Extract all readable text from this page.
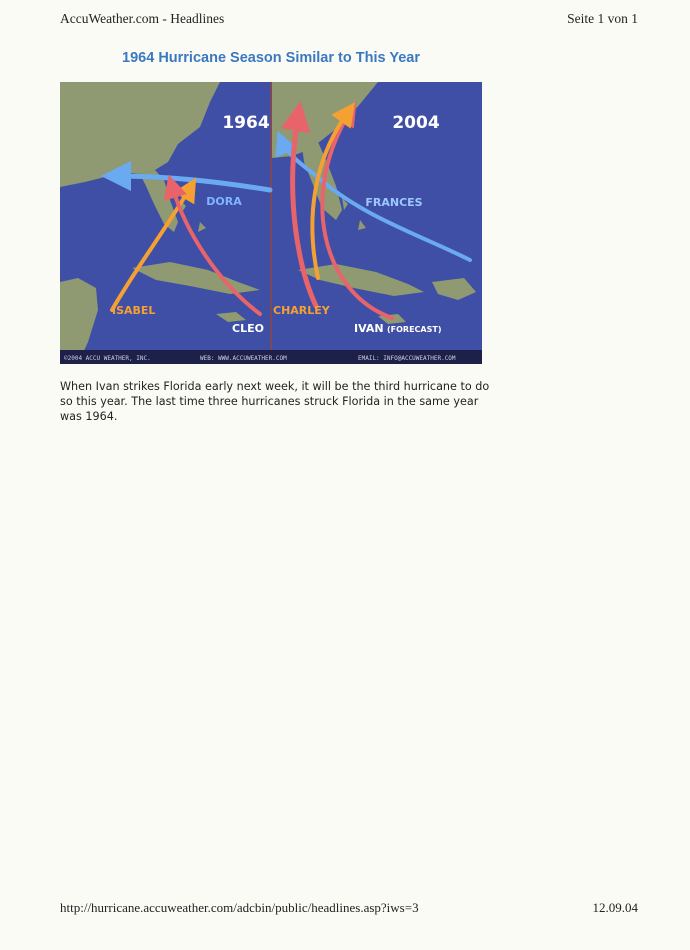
AccuWeather.com - Headlines	Seite 1 von 1
1964 Hurricane Season Similar to This Year
1964	2004
DORA
ISABEL
CLEO
FRANCES
CHARLEY
IVAN (FORECAST)
©2004 ACCU WEATHER, INC.	WEB: WWW.ACCUWEATHER.COM	EMAIL: INFO@ACCUWEATHER.COM
When Ivan strikes Florida early next week, it will be the third hurricane to do so this year. The last time three hurricanes struck Florida in the same year was 1964.
http://hurricane.accuweather.com/adcbin/public/headlines.asp?iws=3	12.09.04
